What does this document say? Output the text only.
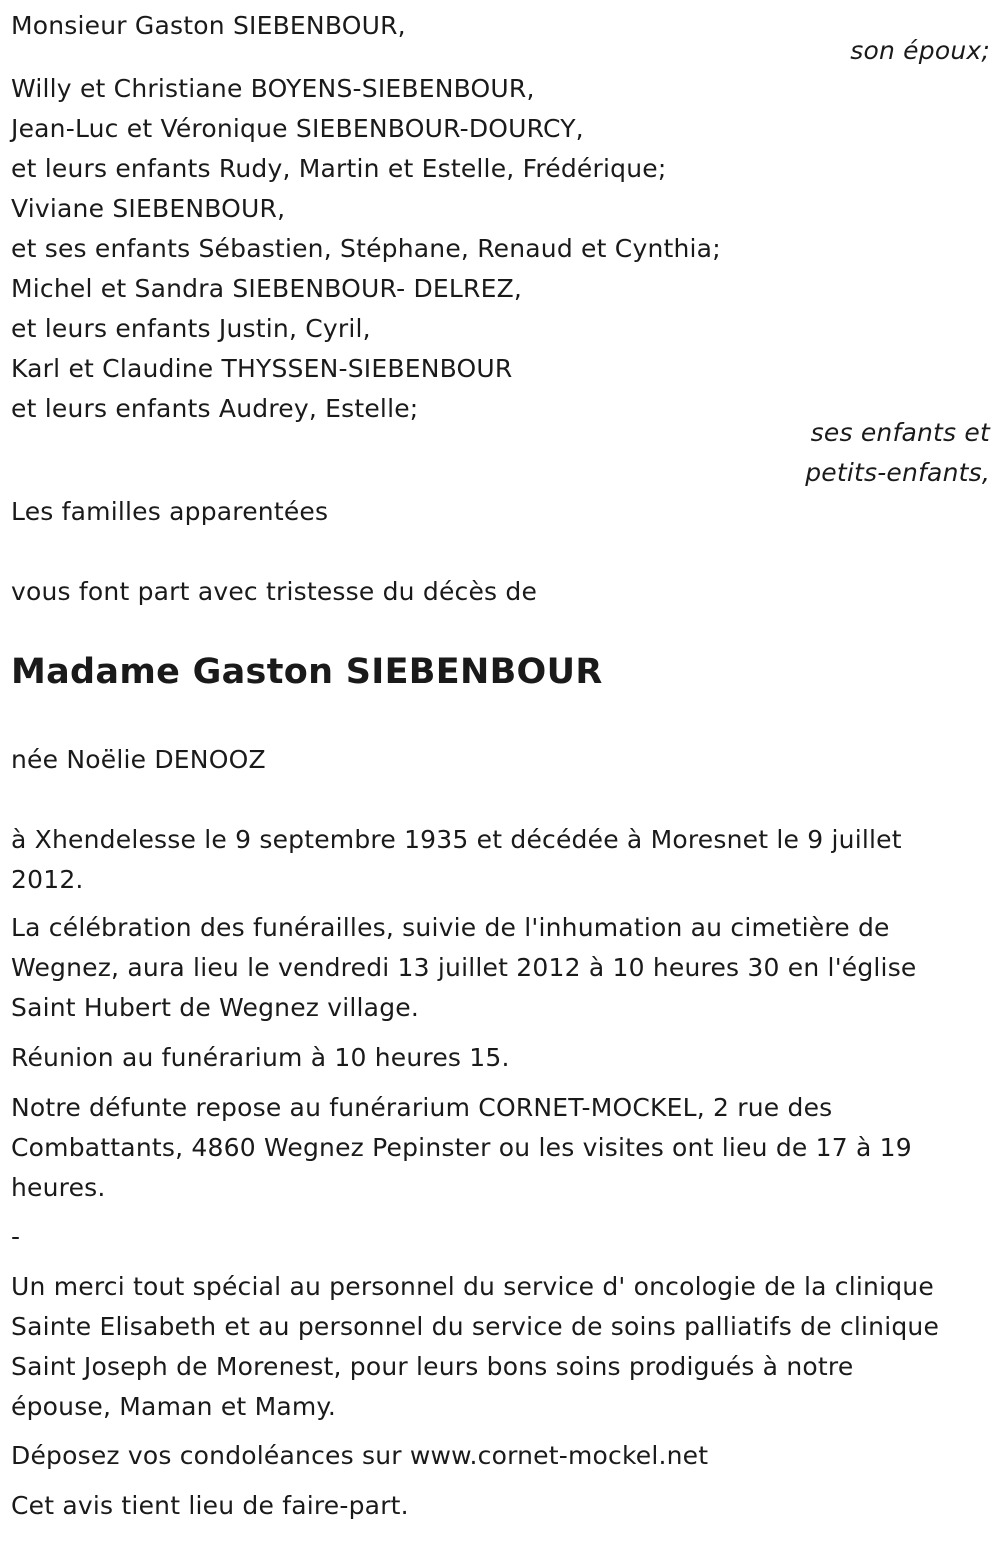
Monsieur Gaston SIEBENBOUR,
son époux;
Willy et Christiane BOYENS-SIEBENBOUR,
Jean-Luc et Véronique SIEBENBOUR-DOURCY,
et leurs enfants Rudy, Martin et Estelle, Frédérique;
Viviane SIEBENBOUR,
et ses enfants Sébastien, Stéphane, Renaud et Cynthia;
Michel et Sandra SIEBENBOUR- DELREZ,
et leurs enfants Justin, Cyril,
Karl et Claudine THYSSEN-SIEBENBOUR
et leurs enfants Audrey, Estelle;
ses enfants et
petits-enfants,
Les familles apparentées
vous font part avec tristesse du décès de
Madame Gaston SIEBENBOUR
née Noëlie DENOOZ
à Xhendelesse le 9 septembre 1935 et décédée à Moresnet le 9 juillet
2012.
La célébration des funérailles, suivie de l'inhumation au cimetière de
Wegnez, aura lieu le vendredi 13 juillet 2012 à 10 heures 30 en l'église
Saint Hubert de Wegnez village.
Réunion au funérarium à 10 heures 15.
Notre défunte repose au funérarium CORNET-MOCKEL, 2 rue des
Combattants, 4860 Wegnez Pepinster ou les visites ont lieu de 17 à 19
heures.
-
Un merci tout spécial au personnel du service d' oncologie de la clinique
Sainte Elisabeth et au personnel du service de soins palliatifs de clinique
Saint Joseph de Morenest, pour leurs bons soins prodigués à notre
épouse, Maman et Mamy.
Déposez vos condoléances sur www.cornet-mockel.net
Cet avis tient lieu de faire-part.
